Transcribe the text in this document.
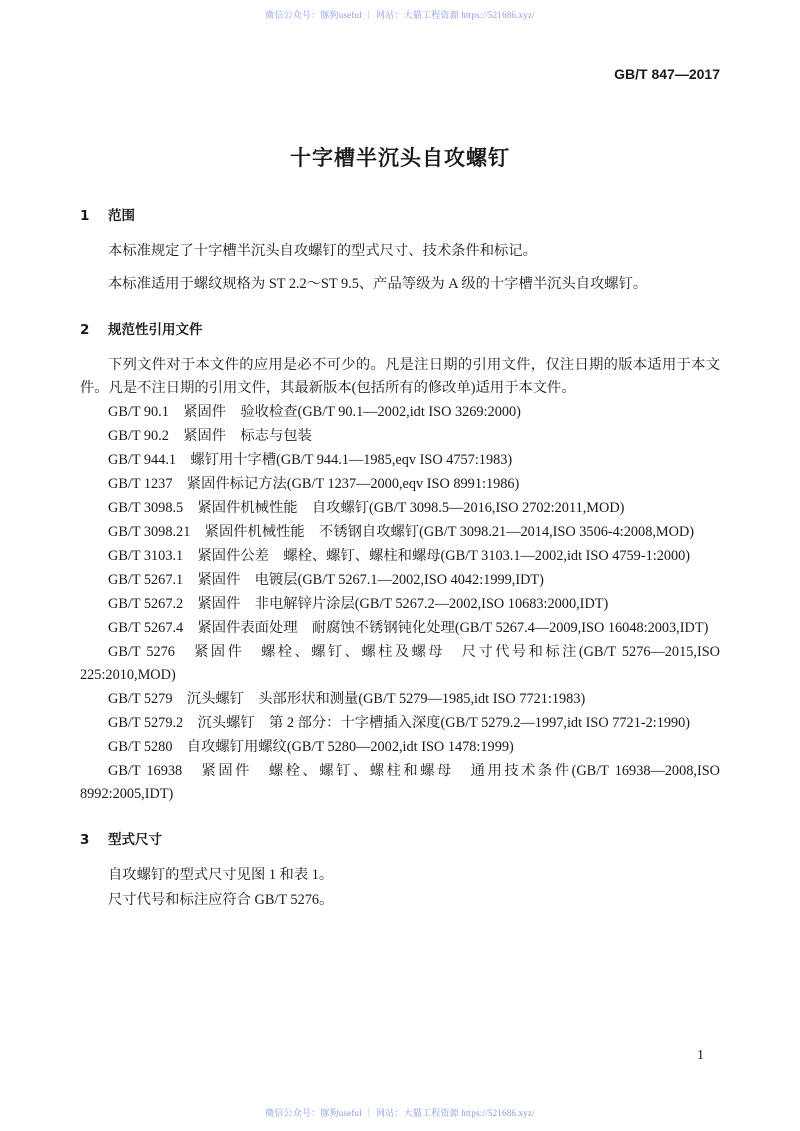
微信公众号：豚狗useful ｜ 网站：大猫工程资源 https://521686.xyz/
GB/T 847—2017
十字槽半沉头自攻螺钉
1 范围
本标准规定了十字槽半沉头自攻螺钉的型式尺寸、技术条件和标记。
本标准适用于螺纹规格为 ST 2.2～ST 9.5、产品等级为 A 级的十字槽半沉头自攻螺钉。
2 规范性引用文件
下列文件对于本文件的应用是必不可少的。凡是注日期的引用文件，仅注日期的版本适用于本文件。凡是不注日期的引用文件，其最新版本(包括所有的修改单)适用于本文件。
GB/T 90.1　紧固件　验收检查(GB/T 90.1—2002,idt ISO 3269:2000)
GB/T 90.2　紧固件　标志与包装
GB/T 944.1　螺钉用十字槽(GB/T 944.1—1985,eqv ISO 4757:1983)
GB/T 1237　紧固件标记方法(GB/T 1237—2000,eqv ISO 8991:1986)
GB/T 3098.5　紧固件机械性能　自攻螺钉(GB/T 3098.5—2016,ISO 2702:2011,MOD)
GB/T 3098.21　紧固件机械性能　不锈钢自攻螺钉(GB/T 3098.21—2014,ISO 3506-4:2008,MOD)
GB/T 3103.1　紧固件公差　螺栓、螺钉、螺柱和螺母(GB/T 3103.1—2002,idt ISO 4759-1:2000)
GB/T 5267.1　紧固件　电镀层(GB/T 5267.1—2002,ISO 4042:1999,IDT)
GB/T 5267.2　紧固件　非电解锌片涂层(GB/T 5267.2—2002,ISO 10683:2000,IDT)
GB/T 5267.4　紧固件表面处理　耐腐蚀不锈钢钝化处理(GB/T 5267.4—2009,ISO 16048:2003,IDT)
GB/T 5276　紧固件　螺栓、螺钉、螺柱及螺母　尺寸代号和标注(GB/T 5276—2015,ISO 225:2010,MOD)
GB/T 5279　沉头螺钉　头部形状和测量(GB/T 5279—1985,idt ISO 7721:1983)
GB/T 5279.2　沉头螺钉　第 2 部分：十字槽插入深度(GB/T 5279.2—1997,idt ISO 7721-2:1990)
GB/T 5280　自攻螺钉用螺纹(GB/T 5280—2002,idt ISO 1478:1999)
GB/T 16938　紧固件　螺栓、螺钉、螺柱和螺母　通用技术条件(GB/T 16938—2008,ISO 8992:2005,IDT)
3 型式尺寸
自攻螺钉的型式尺寸见图 1 和表 1。
尺寸代号和标注应符合 GB/T 5276。
1
微信公众号：豚狗useful ｜ 网站：大猫工程资源 https://521686.xyz/
